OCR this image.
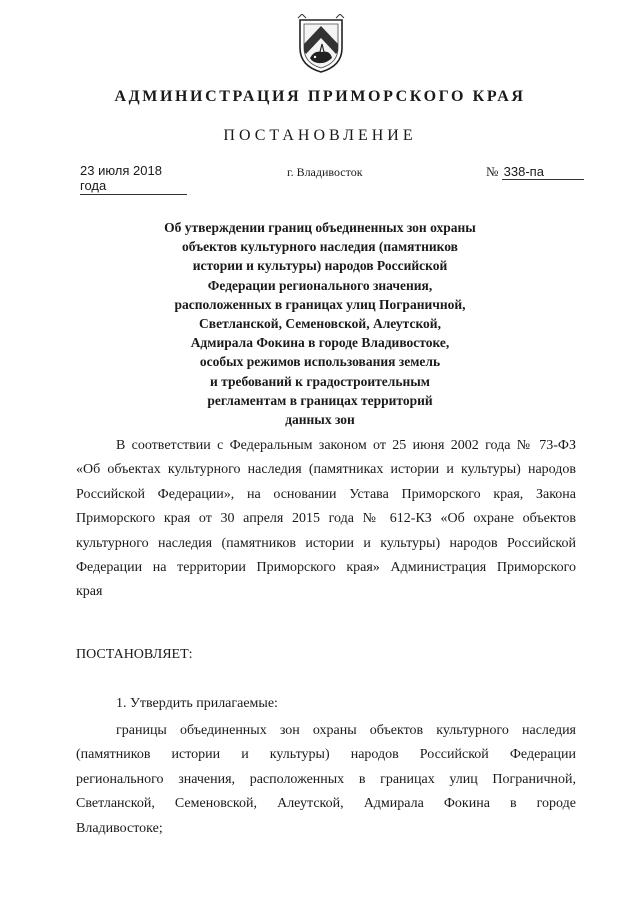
АДМИНИСТРАЦИЯ ПРИМОРСКОГО КРАЯ
ПОСТАНОВЛЕНИЕ
23 июля 2018 года
г. Владивосток	№ 338-па
Об утверждении границ объединенных зон охраны
объектов культурного наследия (памятников
истории и культуры) народов Российской
Федерации регионального значения,
расположенных в границах улиц Пограничной,
Светланской, Семеновской, Алеутской,
Адмирала Фокина в городе Владивостоке,
особых режимов использования земель
и требований к градостроительным
регламентам в границах территорий
данных зон
В соответствии с Федеральным законом от 25 июня 2002 года № 73-ФЗ
«Об объектах культурного наследия (памятниках истории и культуры) народов
Российской Федерации», на основании Устава Приморского края, Закона
Приморского края от 30 апреля 2015 года № 612-КЗ «Об охране объектов
культурного наследия (памятников истории и культуры) народов Российской
Федерации на территории Приморского края» Администрация Приморского
края
ПОСТАНОВЛЯЕТ:
1. Утвердить прилагаемые:
границы объединенных зон охраны объектов культурного наследия
(памятников истории и культуры) народов Российской Федерации
регионального значения, расположенных в границах улиц Пограничной,
Светланской, Семеновской, Алеутской, Адмирала Фокина в городе
Владивостоке;
